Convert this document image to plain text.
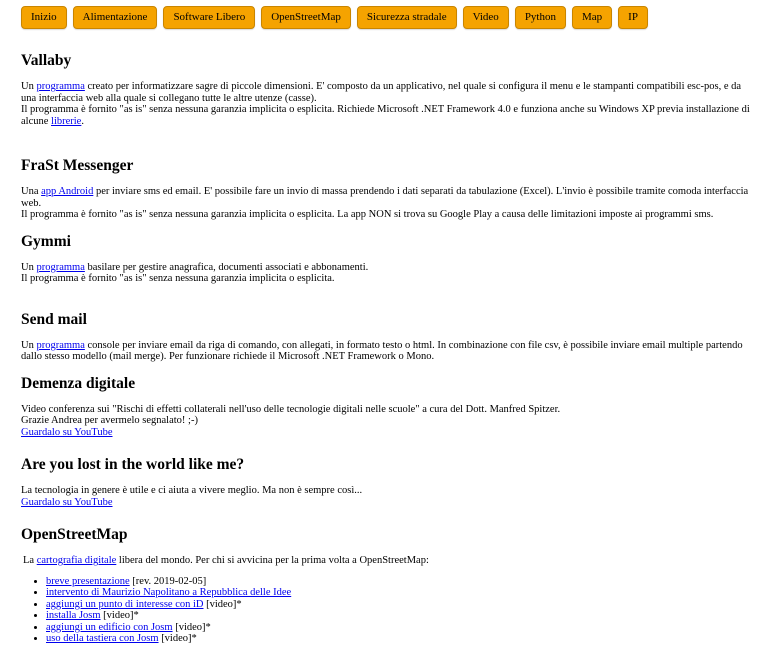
Inizio	Alimentazione	Software Libero	OpenStreetMap	Sicurezza stradale	Video	Python	Map	IP
Vallaby

Un programma creato per informatizzare sagre di piccole dimensioni. E' composto da un applicativo, nel quale si configura il menu e le stampanti compatibili esc-pos, e da una interfaccia web alla quale si collegano tutte le altre utenze (casse).

Il programma è fornito "as is" senza nessuna garanzia implicita o esplicita. Richiede Microsoft .NET Framework 4.0 e funziona anche su Windows XP previa installazione di alcune librerie.

FraSt Messenger

Una app Android per inviare sms ed email. E' possibile fare un invio di massa prendendo i dati separati da tabulazione (Excel). L'invio è possibile tramite comoda interfaccia web.

Il programma è fornito "as is" senza nessuna garanzia implicita o esplicita. La app NON si trova su Google Play a causa delle limitazioni imposte ai programmi sms.

Gymmi

Un programma basilare per gestire anagrafica, documenti associati e abbonamenti.

Il programma è fornito "as is" senza nessuna garanzia implicita o esplicita.

Send mail

Un programma console per inviare email da riga di comando, con allegati, in formato testo o html. In combinazione con file csv, è possibile inviare email multiple partendo dallo stesso modello (mail merge). Per funzionare richiede il Microsoft .NET Framework o Mono.

Demenza digitale

Video conferenza sui "Rischi di effetti collaterali nell'uso delle tecnologie digitali nelle scuole" a cura del Dott. Manfred Spitzer.

Grazie Andrea per avermelo segnalato! ;-)

Guardalo su YouTube

Are you lost in the world like me?

La tecnologia in genere è utile e ci aiuta a vivere meglio. Ma non è sempre così...

Guardalo su YouTube

OpenStreetMap

La cartografia digitale libera del mondo. Per chi si avvicina per la prima volta a OpenStreetMap:

• breve presentazione [rev. 2019-02-05]
• intervento di Maurizio Napolitano a Repubblica delle Idee
• aggiungi un punto di interesse con iD [video]*
• installa Josm [video]*
• aggiungi un edificio con Josm [video]*
• uso della tastiera con Josm [video]*
